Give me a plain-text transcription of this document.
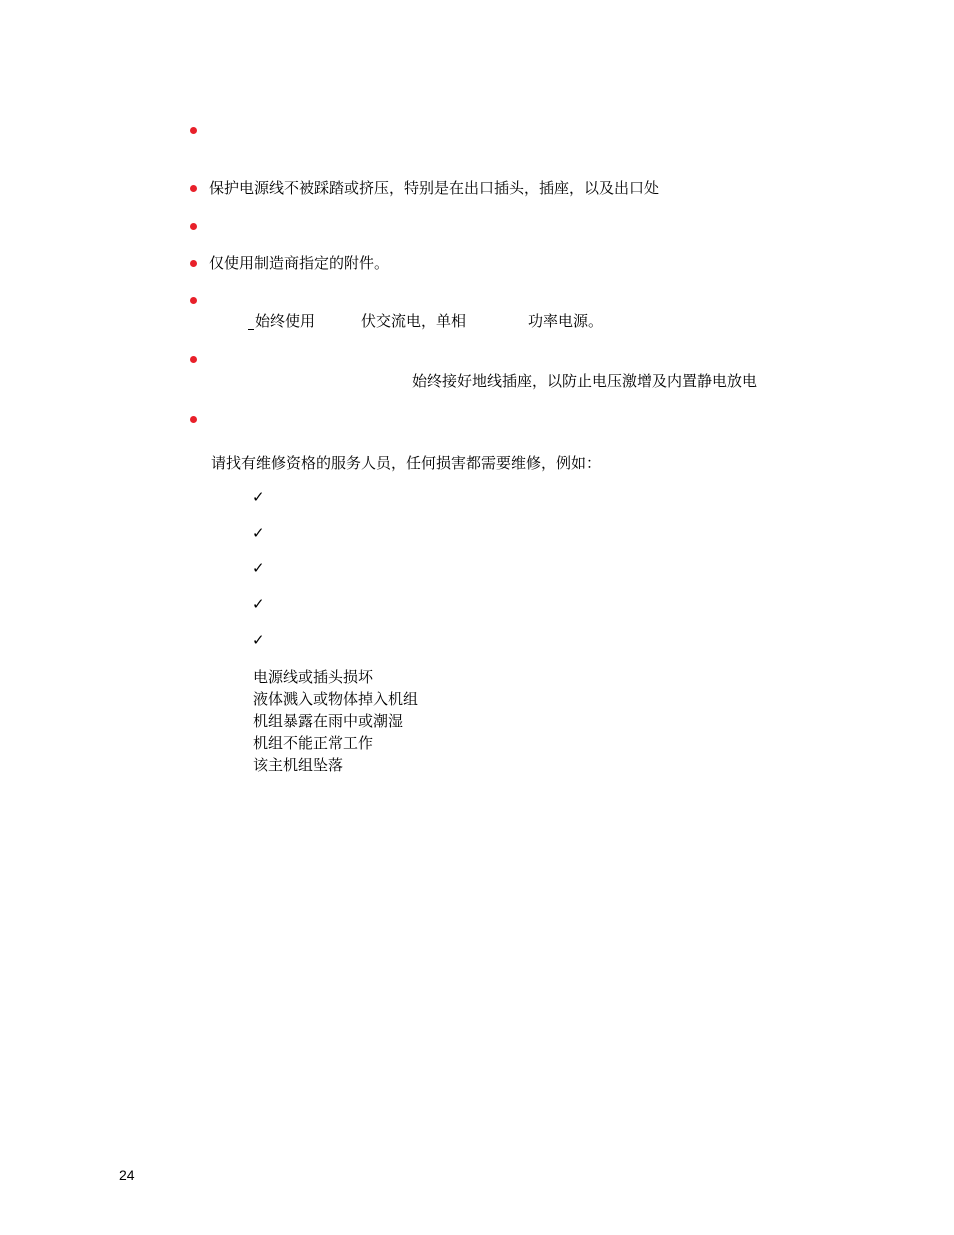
保护电源线不被踩踏或挤压，特别是在出口插头，插座，以及出口处
仅使用制造商指定的附件。
始终使用	伏交流电，单相	功率电源。
始终接好地线插座，以防止电压激增及内置静电放电
请找有维修资格的服务人员，任何损害都需要维修，例如：
✓
✓
✓
✓
✓
电源线或插头损坏
液体溅入或物体掉入机组
机组暴露在雨中或潮湿
机组不能正常工作
该主机组坠落
24
